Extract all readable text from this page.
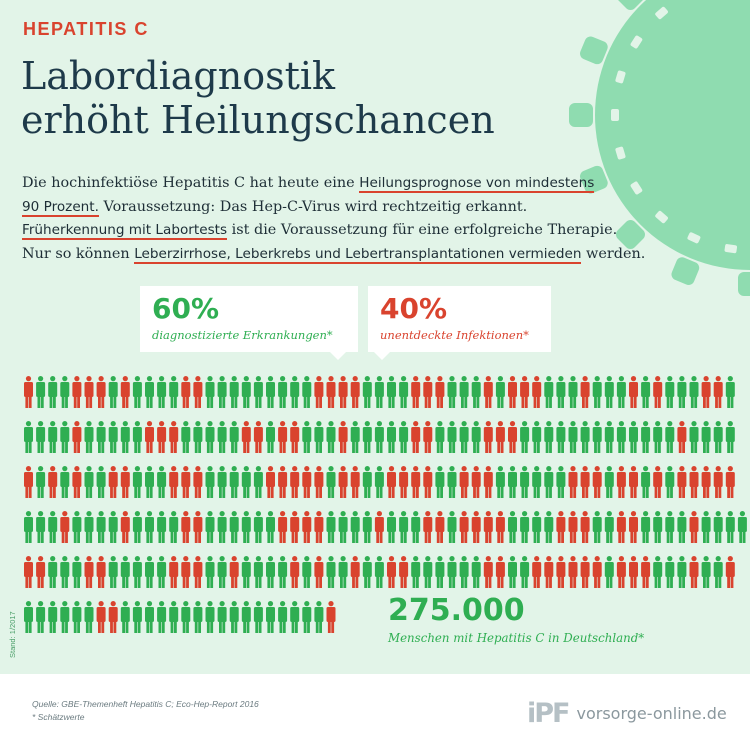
HEPATITIS C
Labordiagnostik
erhöht Heilungschancen
Die hochinfektiöse Hepatitis C hat heute eine Heilungsprognose von mindestens
90 Prozent. Voraussetzung: Das Hep-C-Virus wird rechtzeitig erkannt.
Früherkennung mit Labortests ist die Voraussetzung für eine erfolgreiche Therapie.
Nur so können Leberzirrhose, Leberkrebs und Lebertransplantationen vermieden werden.
60%
diagnostizierte Erkrankungen*
40%
unentdeckte Infektionen*
275.000
Menschen mit Hepatitis C in Deutschland*
Stand: 1/2017
Quelle: GBE-Themenheft Hepatitis C; Eco-Hep-Report 2016
* Schätzwerte	iPF vorsorge-online.de
